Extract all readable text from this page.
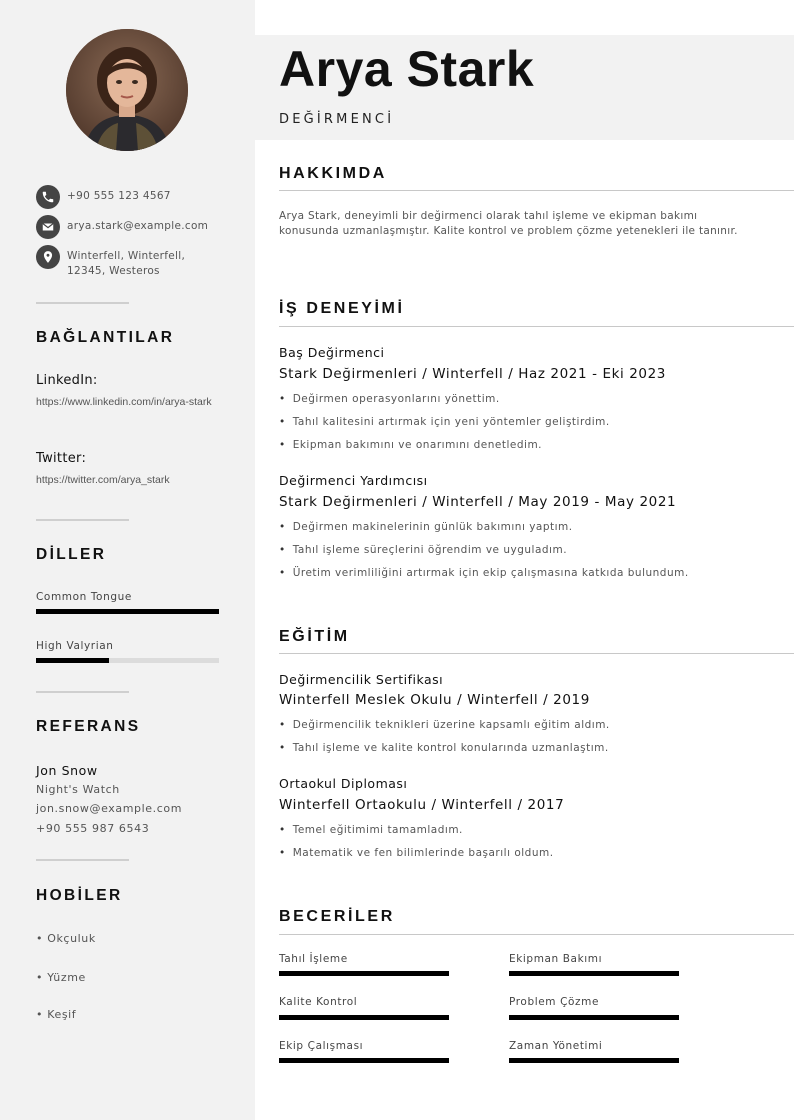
+90 555 123 4567
arya.stark@example.com
Winterfell, Winterfell,
12345, Westeros
BAĞLANTILAR
LinkedIn:
https://www.linkedin.com/in/arya-stark
Twitter:
https://twitter.com/arya_stark
DİLLER
Common Tongue
High Valyrian
REFERANS
Jon Snow
Night's Watch
jon.snow@example.com
+90 555 987 6543
HOBİLER
• Okçuluk
• Yüzme
• Keşif
Arya Stark
DEĞİRMENCİ
HAKKIMDA
Arya Stark, deneyimli bir değirmenci olarak tahıl işleme ve ekipman bakımı konusunda uzmanlaşmıştır. Kalite kontrol ve problem çözme yetenekleri ile tanınır.
İŞ DENEYİMİ
Baş Değirmenci
Stark Değirmenleri / Winterfell / Haz 2021 - Eki 2023
• Değirmen operasyonlarını yönettim.
• Tahıl kalitesini artırmak için yeni yöntemler geliştirdim.
• Ekipman bakımını ve onarımını denetledim.
Değirmenci Yardımcısı
Stark Değirmenleri / Winterfell / May 2019 - May 2021
• Değirmen makinelerinin günlük bakımını yaptım.
• Tahıl işleme süreçlerini öğrendim ve uyguladım.
• Üretim verimliliğini artırmak için ekip çalışmasına katkıda bulundum.
EĞİTİM
Değirmencilik Sertifikası
Winterfell Meslek Okulu / Winterfell / 2019
• Değirmencilik teknikleri üzerine kapsamlı eğitim aldım.
• Tahıl işleme ve kalite kontrol konularında uzmanlaştım.
Ortaokul Diploması
Winterfell Ortaokulu / Winterfell / 2017
• Temel eğitimimi tamamladım.
• Matematik ve fen bilimlerinde başarılı oldum.
BECERİLER
Tahıl İşleme	Ekipman Bakımı
Kalite Kontrol	Problem Çözme
Ekip Çalışması	Zaman Yönetimi
